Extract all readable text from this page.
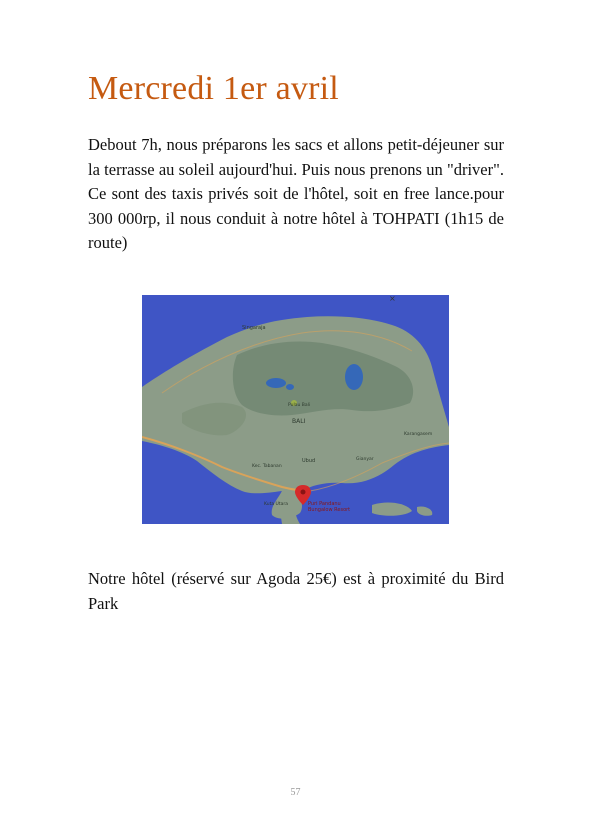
Mercredi 1er avril

Debout 7h, nous préparons les sacs et allons petit-déjeuner sur la terrasse au soleil aujourd'hui. Puis nous prenons un "driver". Ce sont des taxis privés soit de l'hôtel, soit en free lance.pour 300 000rp, il nous conduit à notre hôtel à TOHPATI (1h15 de route)

Singaraja
BALI
Pulau Bali
Kec. Tabanan
Ubud
Kuta Utara
Karangasem
Gianyar
Puri Pandanu
Bungalow Resort
×

Notre hôtel (réservé sur Agoda 25€) est à proximité du Bird Park

57
